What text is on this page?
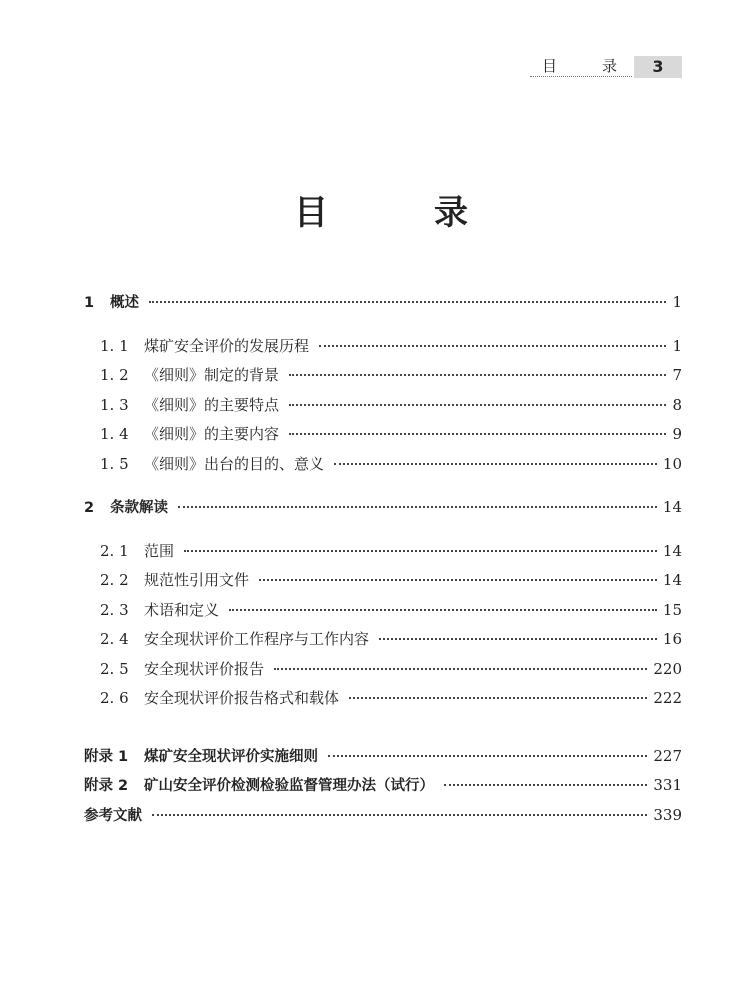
目	录	3
目	录
1	概述	1
1. 1	煤矿安全评价的发展历程	1
1. 2	《细则》制定的背景	7
1. 3	《细则》的主要特点	8
1. 4	《细则》的主要内容	9
1. 5	《细则》出台的目的、意义	10
2	条款解读	14
2. 1	范围	14
2. 2	规范性引用文件	14
2. 3	术语和定义	15
2. 4	安全现状评价工作程序与工作内容	16
2. 5	安全现状评价报告	220
2. 6	安全现状评价报告格式和载体	222
附录 1	煤矿安全现状评价实施细则	227
附录 2	矿山安全评价检测检验监督管理办法（试行）	331
参考文献	339
